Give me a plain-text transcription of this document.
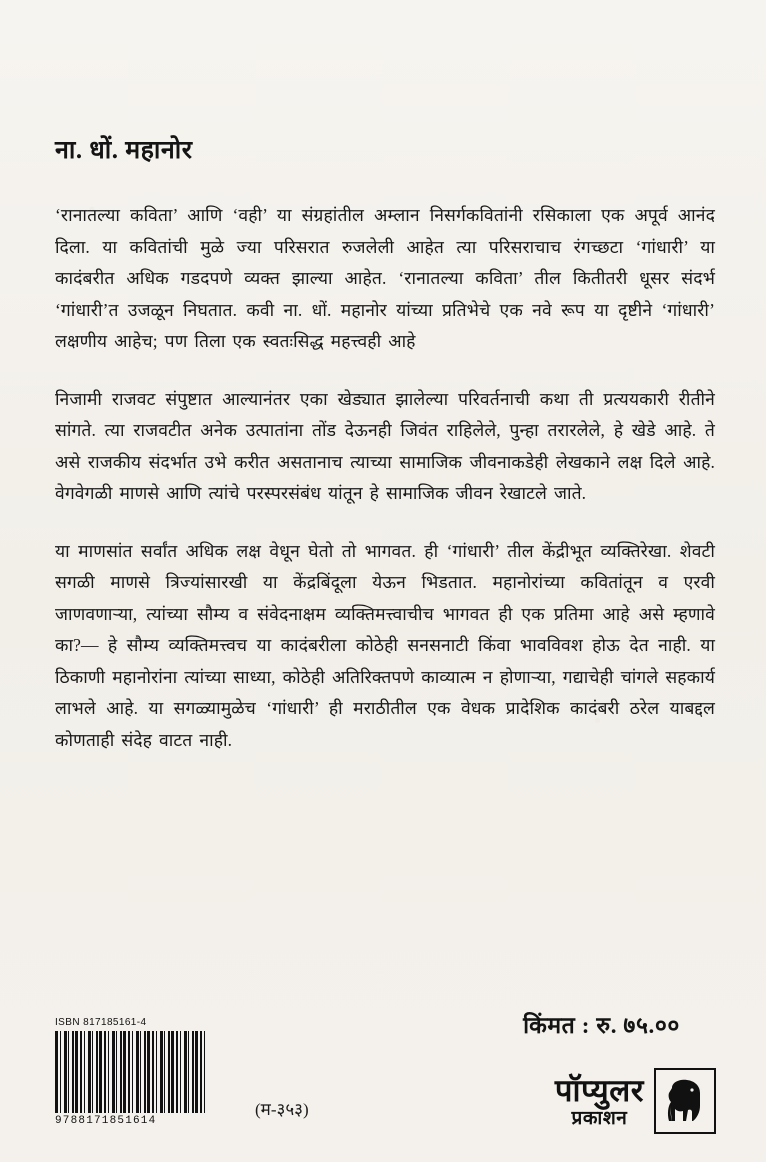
ना. धों. महानोर

‘रानातल्या कविता’ आणि ‘वही’ या संग्रहांतील अम्लान निसर्गकवितांनी रसिकाला एक अपूर्व आनंद दिला. या कवितांची मुळे ज्या परिसरात रुजलेली आहेत त्या परिसराचाच रंगच्छटा ‘गांधारी’ या कादंबरीत अधिक गडदपणे व्यक्त झाल्या आहेत. ‘रानातल्या कविता’ तील कितीतरी धूसर संदर्भ ‘गांधारी’त उजळून निघतात. कवी ना. धों. महानोर यांच्या प्रतिभेचे एक नवे रूप या दृष्टीने ‘गांधारी’ लक्षणीय आहेच; पण तिला एक स्वतःसिद्ध महत्त्वही आहे

निजामी राजवट संपुष्टात आल्यानंतर एका खेड्यात झालेल्या परिवर्तनाची कथा ती प्रत्ययकारी रीतीने सांगते. त्या राजवटीत अनेक उत्पातांना तोंड देऊनही जिवंत राहिलेले, पुन्हा तरारलेले, हे खेडे आहे. ते असे राजकीय संदर्भात उभे करीत असतानाच त्याच्या सामाजिक जीवनाकडेही लेखकाने लक्ष दिले आहे. वेगवेगळी माणसे आणि त्यांचे परस्परसंबंध यांतून हे सामाजिक जीवन रेखाटले जाते.

या माणसांत सर्वांत अधिक लक्ष वेधून घेतो तो भागवत. ही ‘गांधारी’ तील केंद्रीभूत व्यक्तिरेखा. शेवटी सगळी माणसे त्रिज्यांसारखी या केंद्रबिंदूला येऊन भिडतात. महानोरांच्या कवितांतून व एरवी जाणवणाऱ्या, त्यांच्या सौम्य व संवेदनाक्षम व्यक्तिमत्त्वाचीच भागवत ही एक प्रतिमा आहे असे म्हणावे का?— हे सौम्य व्यक्तिमत्त्वच या कादंबरीला कोठेही सनसनाटी किंवा भावविवश होऊ देत नाही. या ठिकाणी महानोरांना त्यांच्या साध्या, कोठेही अतिरिक्तपणे काव्यात्म न होणाऱ्या, गद्याचेही चांगले सहकार्य लाभले आहे. या सगळ्यामुळेच ‘गांधारी’ ही मराठीतील एक वेधक प्रादेशिक कादंबरी ठरेल याबद्दल कोणताही संदेह वाटत नाही.

ISBN 817185161-4
9788171851614
(म-३५३)
किंमत : रु. ७५.००
पॉप्युलर
प्रकाशन
